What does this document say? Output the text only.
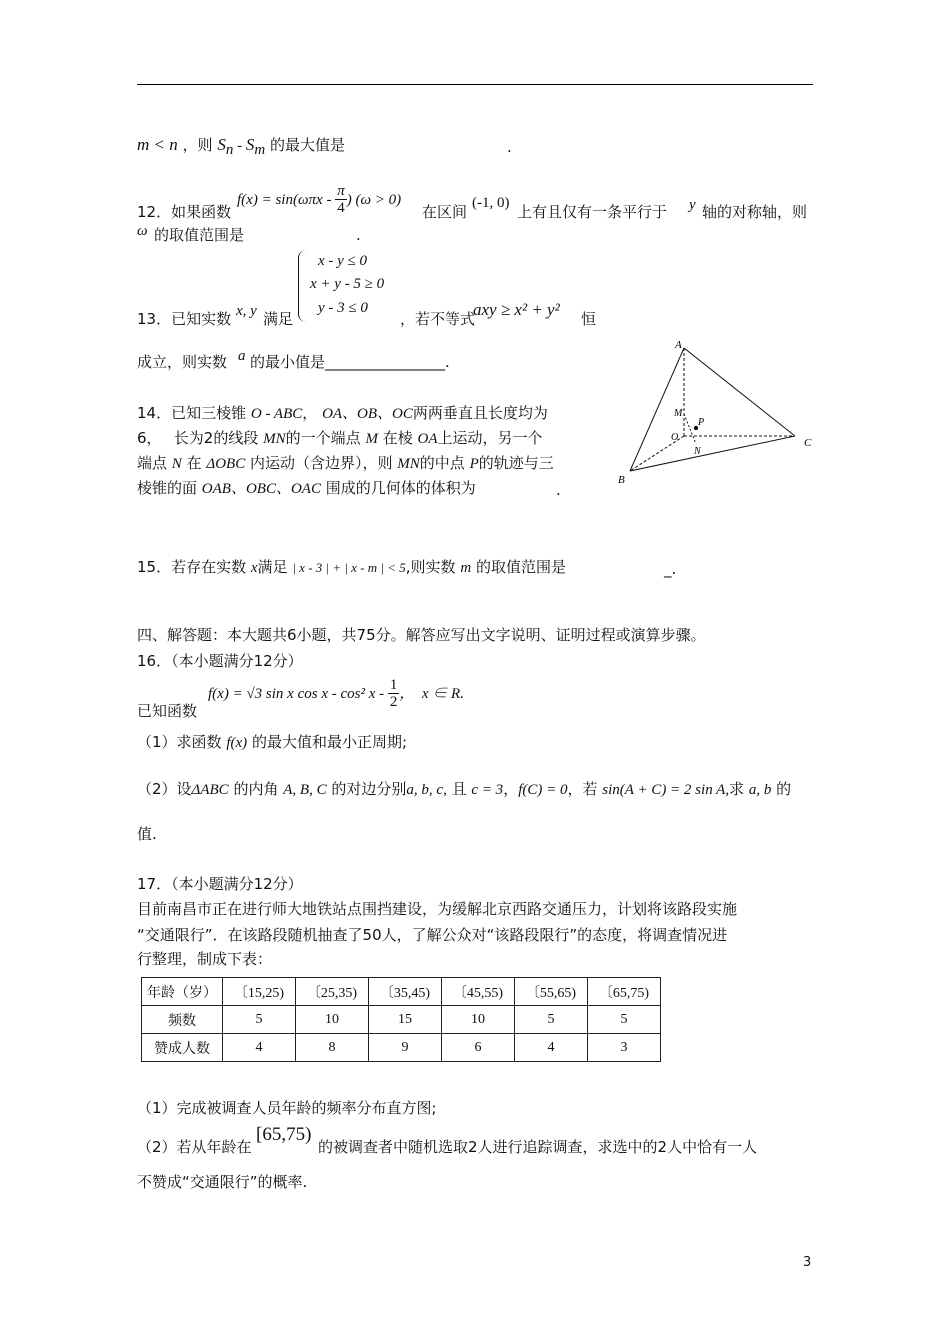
m < n ，则 $S_n - S_m$ 的最大值是	.
12．如果函数
$f(x) = \sin(\omega\pi x - \frac{\pi}{4}$ ) (ω > 0)
在区间 (-1, 0) 上有且仅有一条平行于 y 轴的对称轴，则
ω 的取值范围是	.
x - y ≤ 0
x + y - 5 ≥ 0
y - 3 ≤ 0
13．已知实数 x, y 满足	，若不等式
axy ≥ x² + y² 恒
成立，则实数 a 的最小值是________________.
14．已知三棱锥 O - ABC， OA、OB、OC两两垂直且长度均为
6，　 长为2的线段 MN的一个端点 M 在棱 OA上运动，另一个
端点 N 在 ΔOBC 内运动（含边界），则 MN的中点 P的轨迹与三
棱锥的面 OAB、OBC、OAC 围成的几何体的体积为	.
A
B
C
O
M
N
P
15．若存在实数 x满足 | x - 3 | + | x - m | < 5,则实数 m 的取值范围是	_.
四、解答题：本大题共6小题，共75分。解答应写出文字说明、证明过程或演算步骤。
16．（本小题满分12分）
已知函数
f(x) = √3 sin x cos x - cos² x - $\frac{1}{2}$ ，　x ∈ R.
（1）求函数 f(x) 的最大值和最小正周期;
（2）设ΔABC 的内角 A, B, C 的对边分别a, b, c, 且 c = 3，f(C) = 0，若 sin(A + C) = 2 sin A,求 a, b 的
值.
17．（本小题满分12分）
目前南昌市正在进行师大地铁站点围挡建设，为缓解北京西路交通压力，计划将该路段实施
“交通限行”．在该路段随机抽查了50人，了解公众对“该路段限行”的态度，将调查情况进
行整理，制成下表：
年龄（岁）	〔15,25)	〔25,35)	〔35,45)	〔45,55)	〔55,65)	〔65,75)
频数	5	10	15	10	5	5
赞成人数	4	8	9	6	4	3
（1）完成被调查人员年龄的频率分布直方图;
（2）若从年龄在
[65,75)
的被调查者中随机选取2人进行追踪调查，求选中的2人中恰有一人
不赞成“交通限行”的概率.
3
